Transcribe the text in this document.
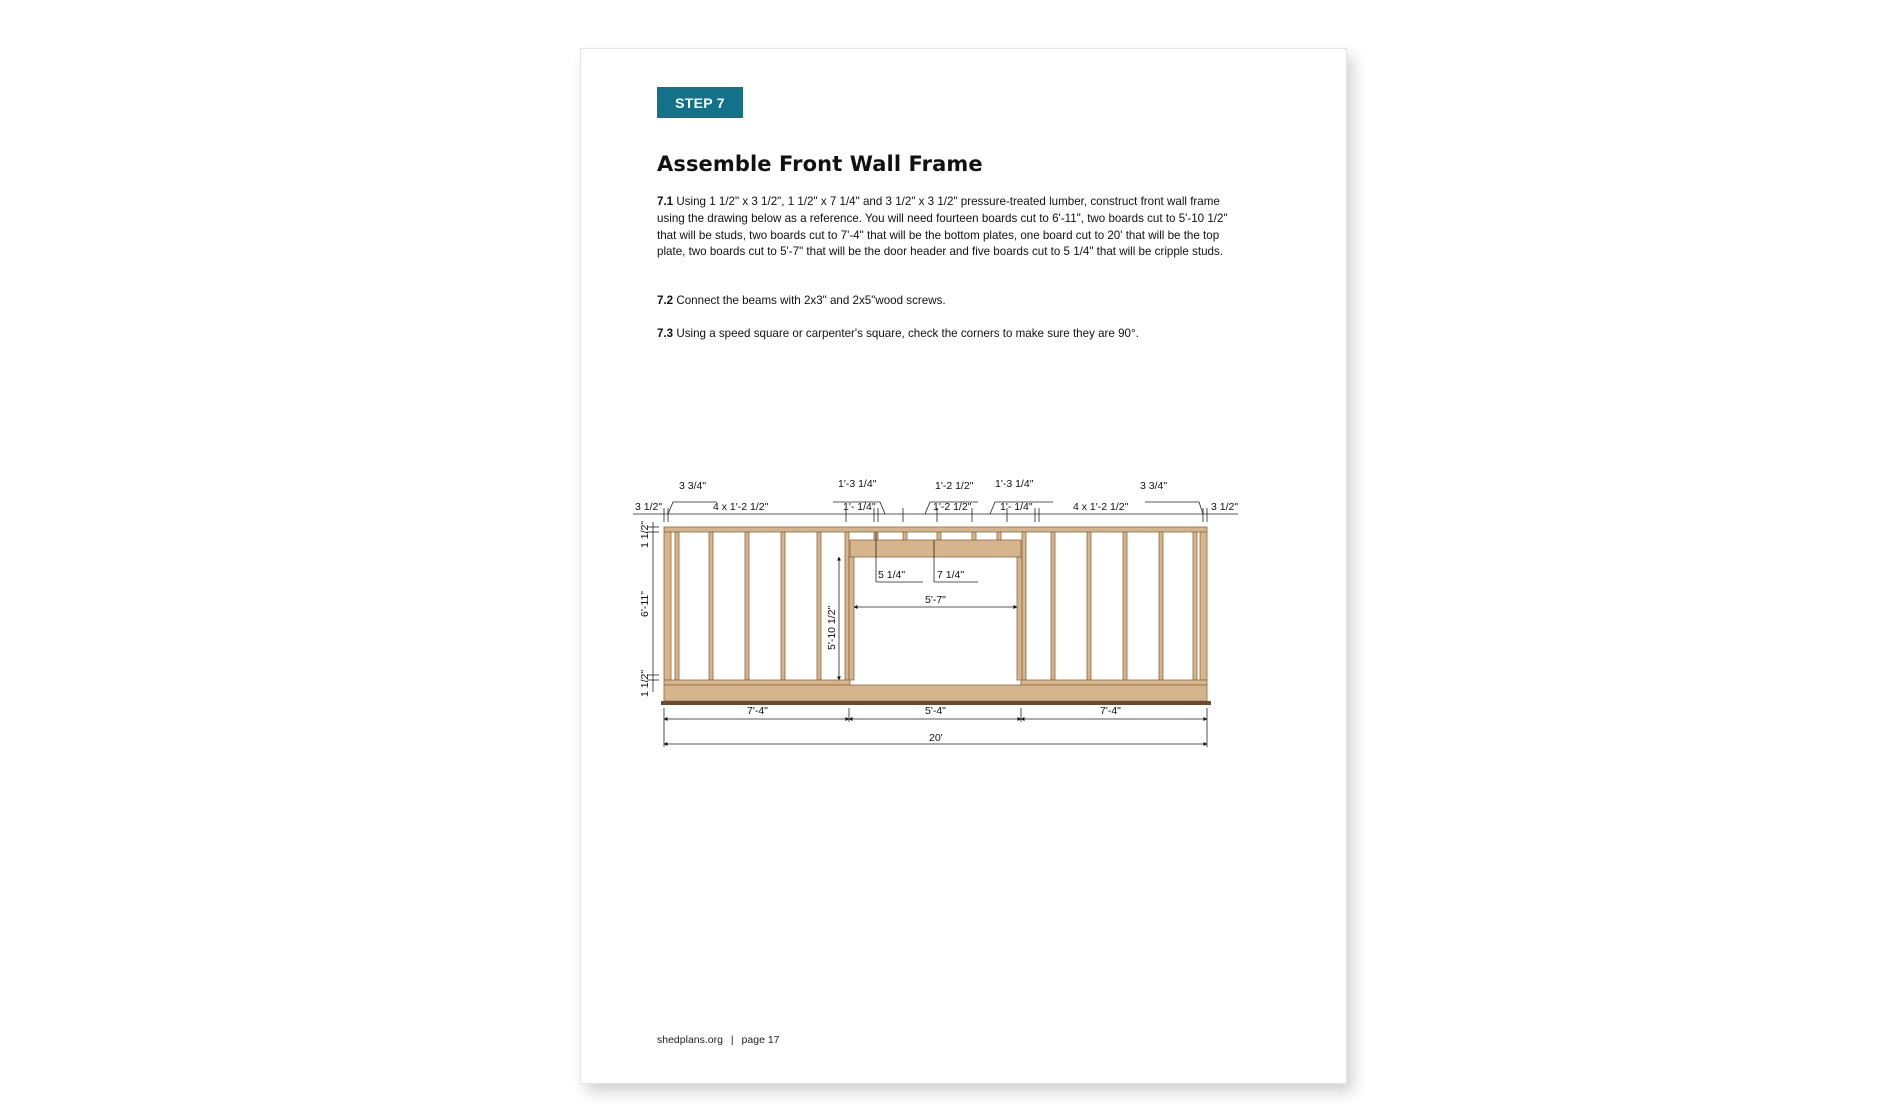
STEP 7
Assemble Front Wall Frame

7.1 Using 1 1/2" x 3 1/2", 1 1/2" x 7 1/4" and 3 1/2" x 3 1/2" pressure-treated lumber, construct front wall frame using the drawing below as a reference. You will need fourteen boards cut to 6'-11", two boards cut to 5'-10 1/2" that will be studs, two boards cut to 7'-4" that will be the bottom plates, one board cut to 20' that will be the top plate, two boards cut to 5'-7" that will be the door header and five boards cut to 5 1/4" that will be cripple studs.

7.2 Connect the beams with 2x3" and 2x5"wood screws.

7.3 Using a speed square or carpenter's square, check the corners to make sure they are 90°.

3 1/2"
3 3/4"
4 x 1'-2 1/2"
1'-3 1/4"
1'- 1/4"
1'-2 1/2"
1'-2 1/2"
1'-3 1/4"
1'- 1/4"	4 x 1'-2 1/2"
3 3/4"
3 1/2"
1 1/2"
6'-11"
1 1/2"
5'-10 1/2"
5 1/4"	7 1/4"
5'-7"
7'-4"	5'-4"	7'-4"
20'
shedplans.org | page 17
